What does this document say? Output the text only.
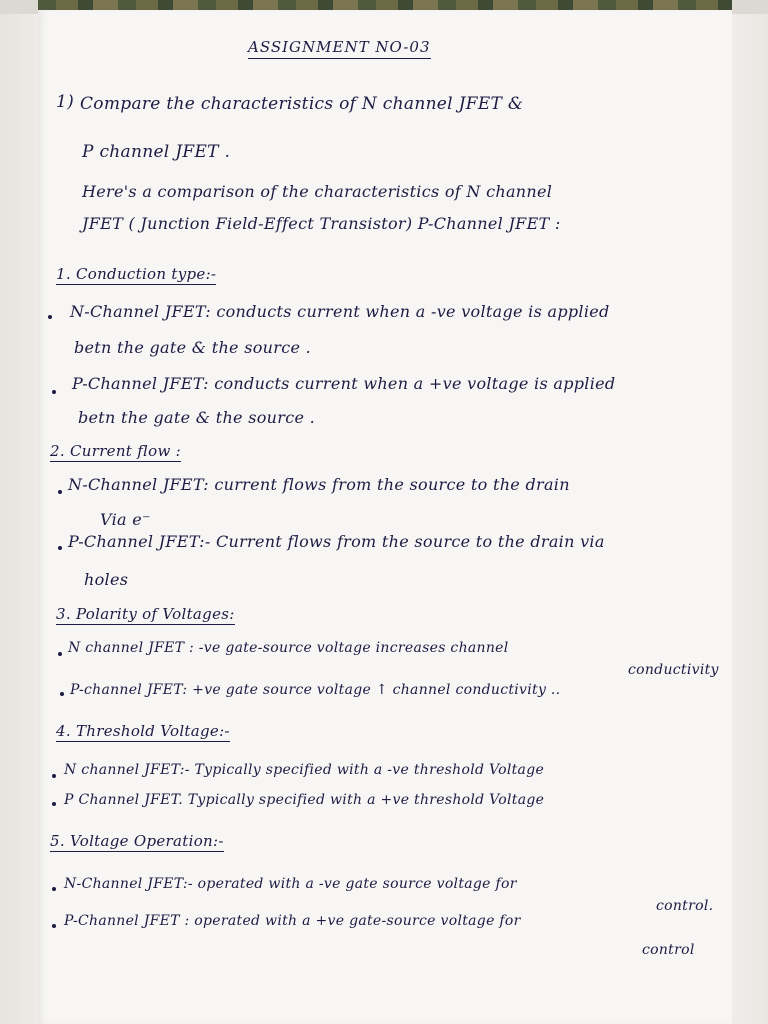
ASSIGNMENT NO-03
1) Compare the characteristics of N channel JFET &
P channel JFET .
Here's a comparison of the characteristics of N channel
JFET ( Junction Field-Effect Transistor) P-Channel JFET :
1. Conduction type:-
N-Channel JFET: conducts current when a -ve voltage is applied
betn the gate & the source .
P-Channel JFET: conducts current when a +ve voltage is applied
betn the gate & the source .
2. Current flow :
N-Channel JFET: current flows from the source to the drain
Via e⁻
P-Channel JFET:- Current flows from the source to the drain via
holes
3. Polarity of Voltages:
N channel JFET : -ve gate-source voltage increases channel
conductivity
P-channel JFET: +ve gate source voltage ↑ channel conductivity ..
4. Threshold Voltage:-
N channel JFET:- Typically specified with a -ve threshold Voltage
P Channel JFET. Typically specified with a +ve threshold Voltage
5. Voltage Operation:-
N-Channel JFET:- operated with a -ve gate source voltage for
control.
P-Channel JFET : operated with a +ve gate-source voltage for
control
